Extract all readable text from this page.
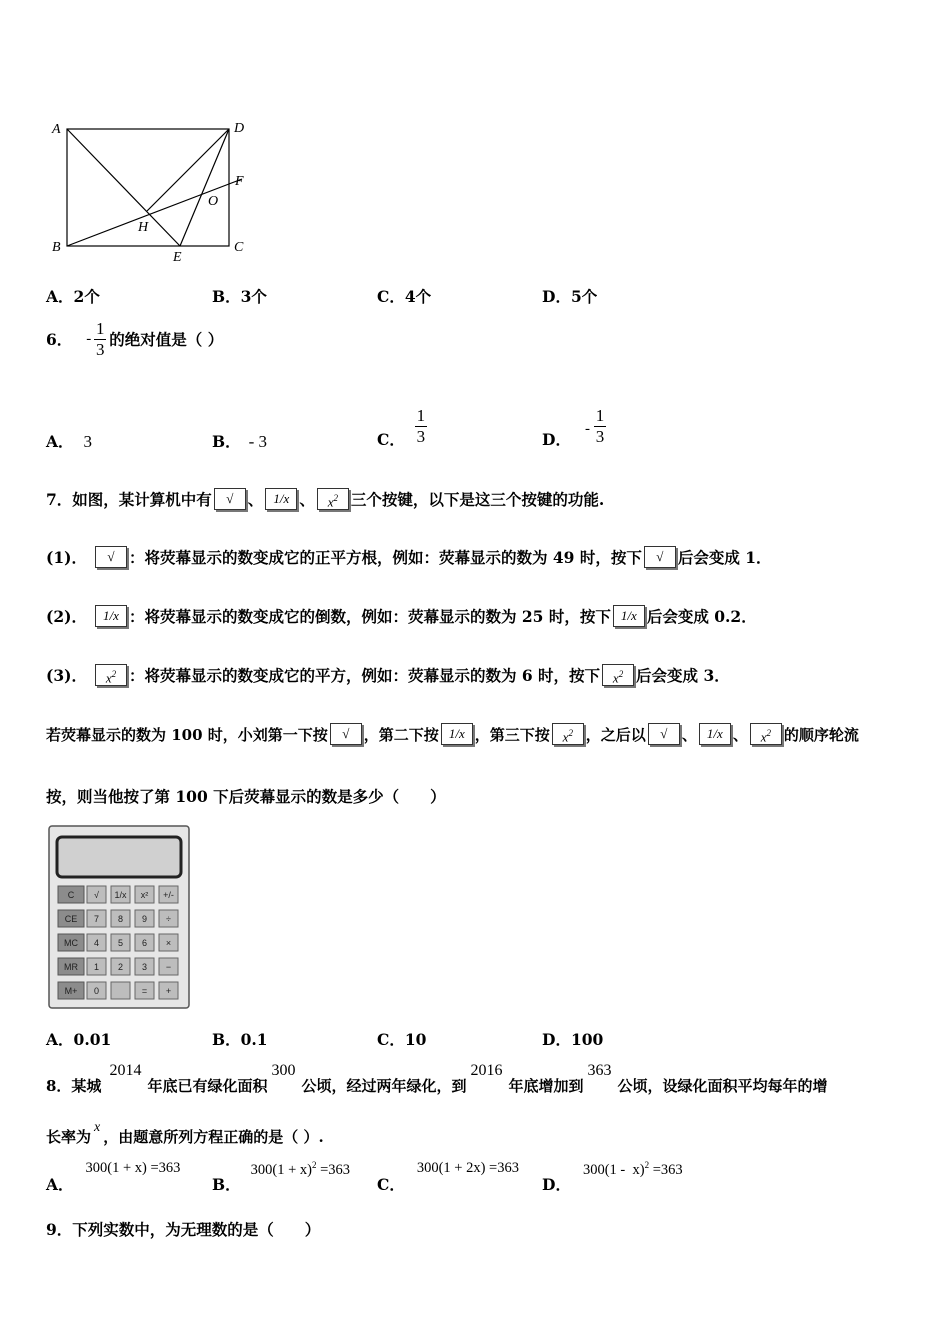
A	D
F
O
H
B	C
E
A．2个	B．3个	C．4个	D．5个
6． - $\frac{1}{3}$ 的绝对值是（ ）
A． 3	B． - 3	C． $\frac{1}{3}$	D．
- $\frac{1}{3}$
7．如图，某计算机中有	√ 、 1/x 、 $x^2$ 三个按键，以下是这三个按键的功能.
(1)．	√ ：将荧幕显示的数变成它的正平方根，例如：荧幕显示的数为 49 时，按下	√ 后会变成 1．
(2)．	1/x ：将荧幕显示的数变成它的倒数，例如：荧幕显示的数为 25 时，按下 1/x 后会变成 0.2．
(3)．	$x^2$ ：将荧幕显示的数变成它的平方，例如：荧幕显示的数为 6 时，按下 $x^2$ 后会变成 3．
若荧幕显示的数为 100 时，小刘第一下按	√ ，第二下按 1/x ，第三下按 $x^2$ ，之后以	√ 、 1/x 、 $x^2$ 的顺序轮流
按，则当他按了第 100 下后荧幕显示的数是多少（　　）
C √ 1/x x² +/-
CE 7 8 9 ÷
MC 4 5 6 ×
MR 1 2 3 −
M+ 0	= +
A．0.01	B．0.1	C．10	D．100
8．某城
2014
年底已有绿化面积
300
公顷，经过两年绿化，到
2016
年底增加到
363
公顷，设绿化面积平均每年的增
长率为
x
，由题意所列方程正确的是（ ）.
A．
300(1 + x) =363
B．
$300(1 + x)^2 =363$
C．
300(1 + 2x) =363
D．
300(1 -  x)$^2$ =363
9．下列实数中，为无理数的是（　　）
